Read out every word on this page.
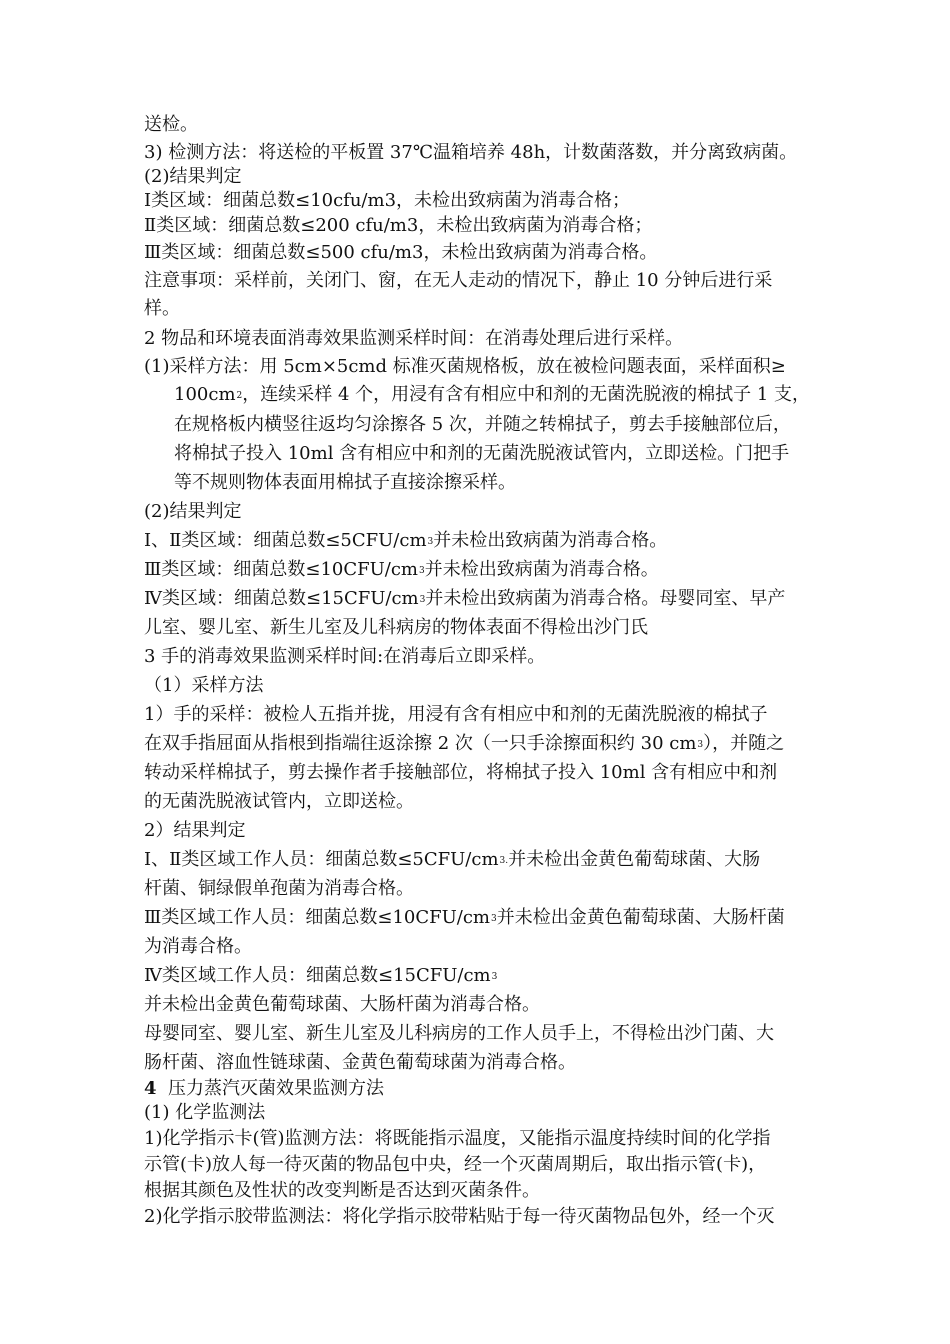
送检。
3) 检测方法：将送检的平板置 37℃温箱培养 48h，计数菌落数，并分离致病菌。
(2)结果判定
Ⅰ类区域：细菌总数≤10cfu/m3，未检出致病菌为消毒合格；
Ⅱ类区域：细菌总数≤200 cfu/m3，未检出致病菌为消毒合格；
Ⅲ类区域：细菌总数≤500 cfu/m3，未检出致病菌为消毒合格。
注意事项：采样前，关闭门、窗，在无人走动的情况下，静止 10 分钟后进行采
样。
2 物品和环境表面消毒效果监测采样时间：在消毒处理后进行采样。
(1)采样方法：用 5cm×5cmd 标准灭菌规格板，放在被检问题表面，采样面积≥
$100cm^2$，连续采样 4 个，用浸有含有相应中和剂的无菌洗脱液的棉拭子 1 支，
在规格板内横竖往返均匀涂擦各 5 次，并随之转棉拭子，剪去手接触部位后，
将棉拭子投入 10ml 含有相应中和剂的无菌洗脱液试管内，立即送检。门把手
等不规则物体表面用棉拭子直接涂擦采样。
(2)结果判定
Ⅰ、Ⅱ类区域：细菌总数$\le 5CFU/cm^3$并未检出致病菌为消毒合格。
Ⅲ类区域：细菌总数$\le 10CFU/cm^3$并未检出致病菌为消毒合格。
Ⅳ类区域：细菌总数$\le 15CFU/cm^3$并未检出致病菌为消毒合格。母婴同室、早产
儿室、婴儿室、新生儿室及儿科病房的物体表面不得检出沙门氏
3 手的消毒效果监测采样时间:在消毒后立即采样。
（1）采样方法
1）手的采样：被检人五指并拢，用浸有含有相应中和剂的无菌洗脱液的棉拭子
在双手指屈面从指根到指端往返涂擦 2 次（一只手涂擦面积约 30 $cm^3$），并随之
转动采样棉拭子，剪去操作者手接触部位，将棉拭子投入 10ml 含有相应中和剂
的无菌洗脱液试管内，立即送检。
2）结果判定
Ⅰ、Ⅱ类区域工作人员：细菌总数$\le 5CFU/cm^{3.}$并未检出金黄色葡萄球菌、大肠
杆菌、铜绿假单孢菌为消毒合格。
Ⅲ类区域工作人员：细菌总数$\le 10CFU/cm^3$并未检出金黄色葡萄球菌、大肠杆菌
为消毒合格。
Ⅳ类区域工作人员：细菌总数$\le 15CFU/cm^3$
并未检出金黄色葡萄球菌、大肠杆菌为消毒合格。
母婴同室、婴儿室、新生儿室及儿科病房的工作人员手上，不得检出沙门菌、大
肠杆菌、溶血性链球菌、金黄色葡萄球菌为消毒合格。
4 压力蒸汽灭菌效果监测方法
(1) 化学监测法
1)化学指示卡(管)监测方法：将既能指示温度，又能指示温度持续时间的化学指
示管(卡)放人每一待灭菌的物品包中央，经一个灭菌周期后，取出指示管(卡)，
根据其颜色及性状的改变判断是否达到灭菌条件。
2)化学指示胶带监测法：将化学指示胶带粘贴于每一待灭菌物品包外，经一个灭
